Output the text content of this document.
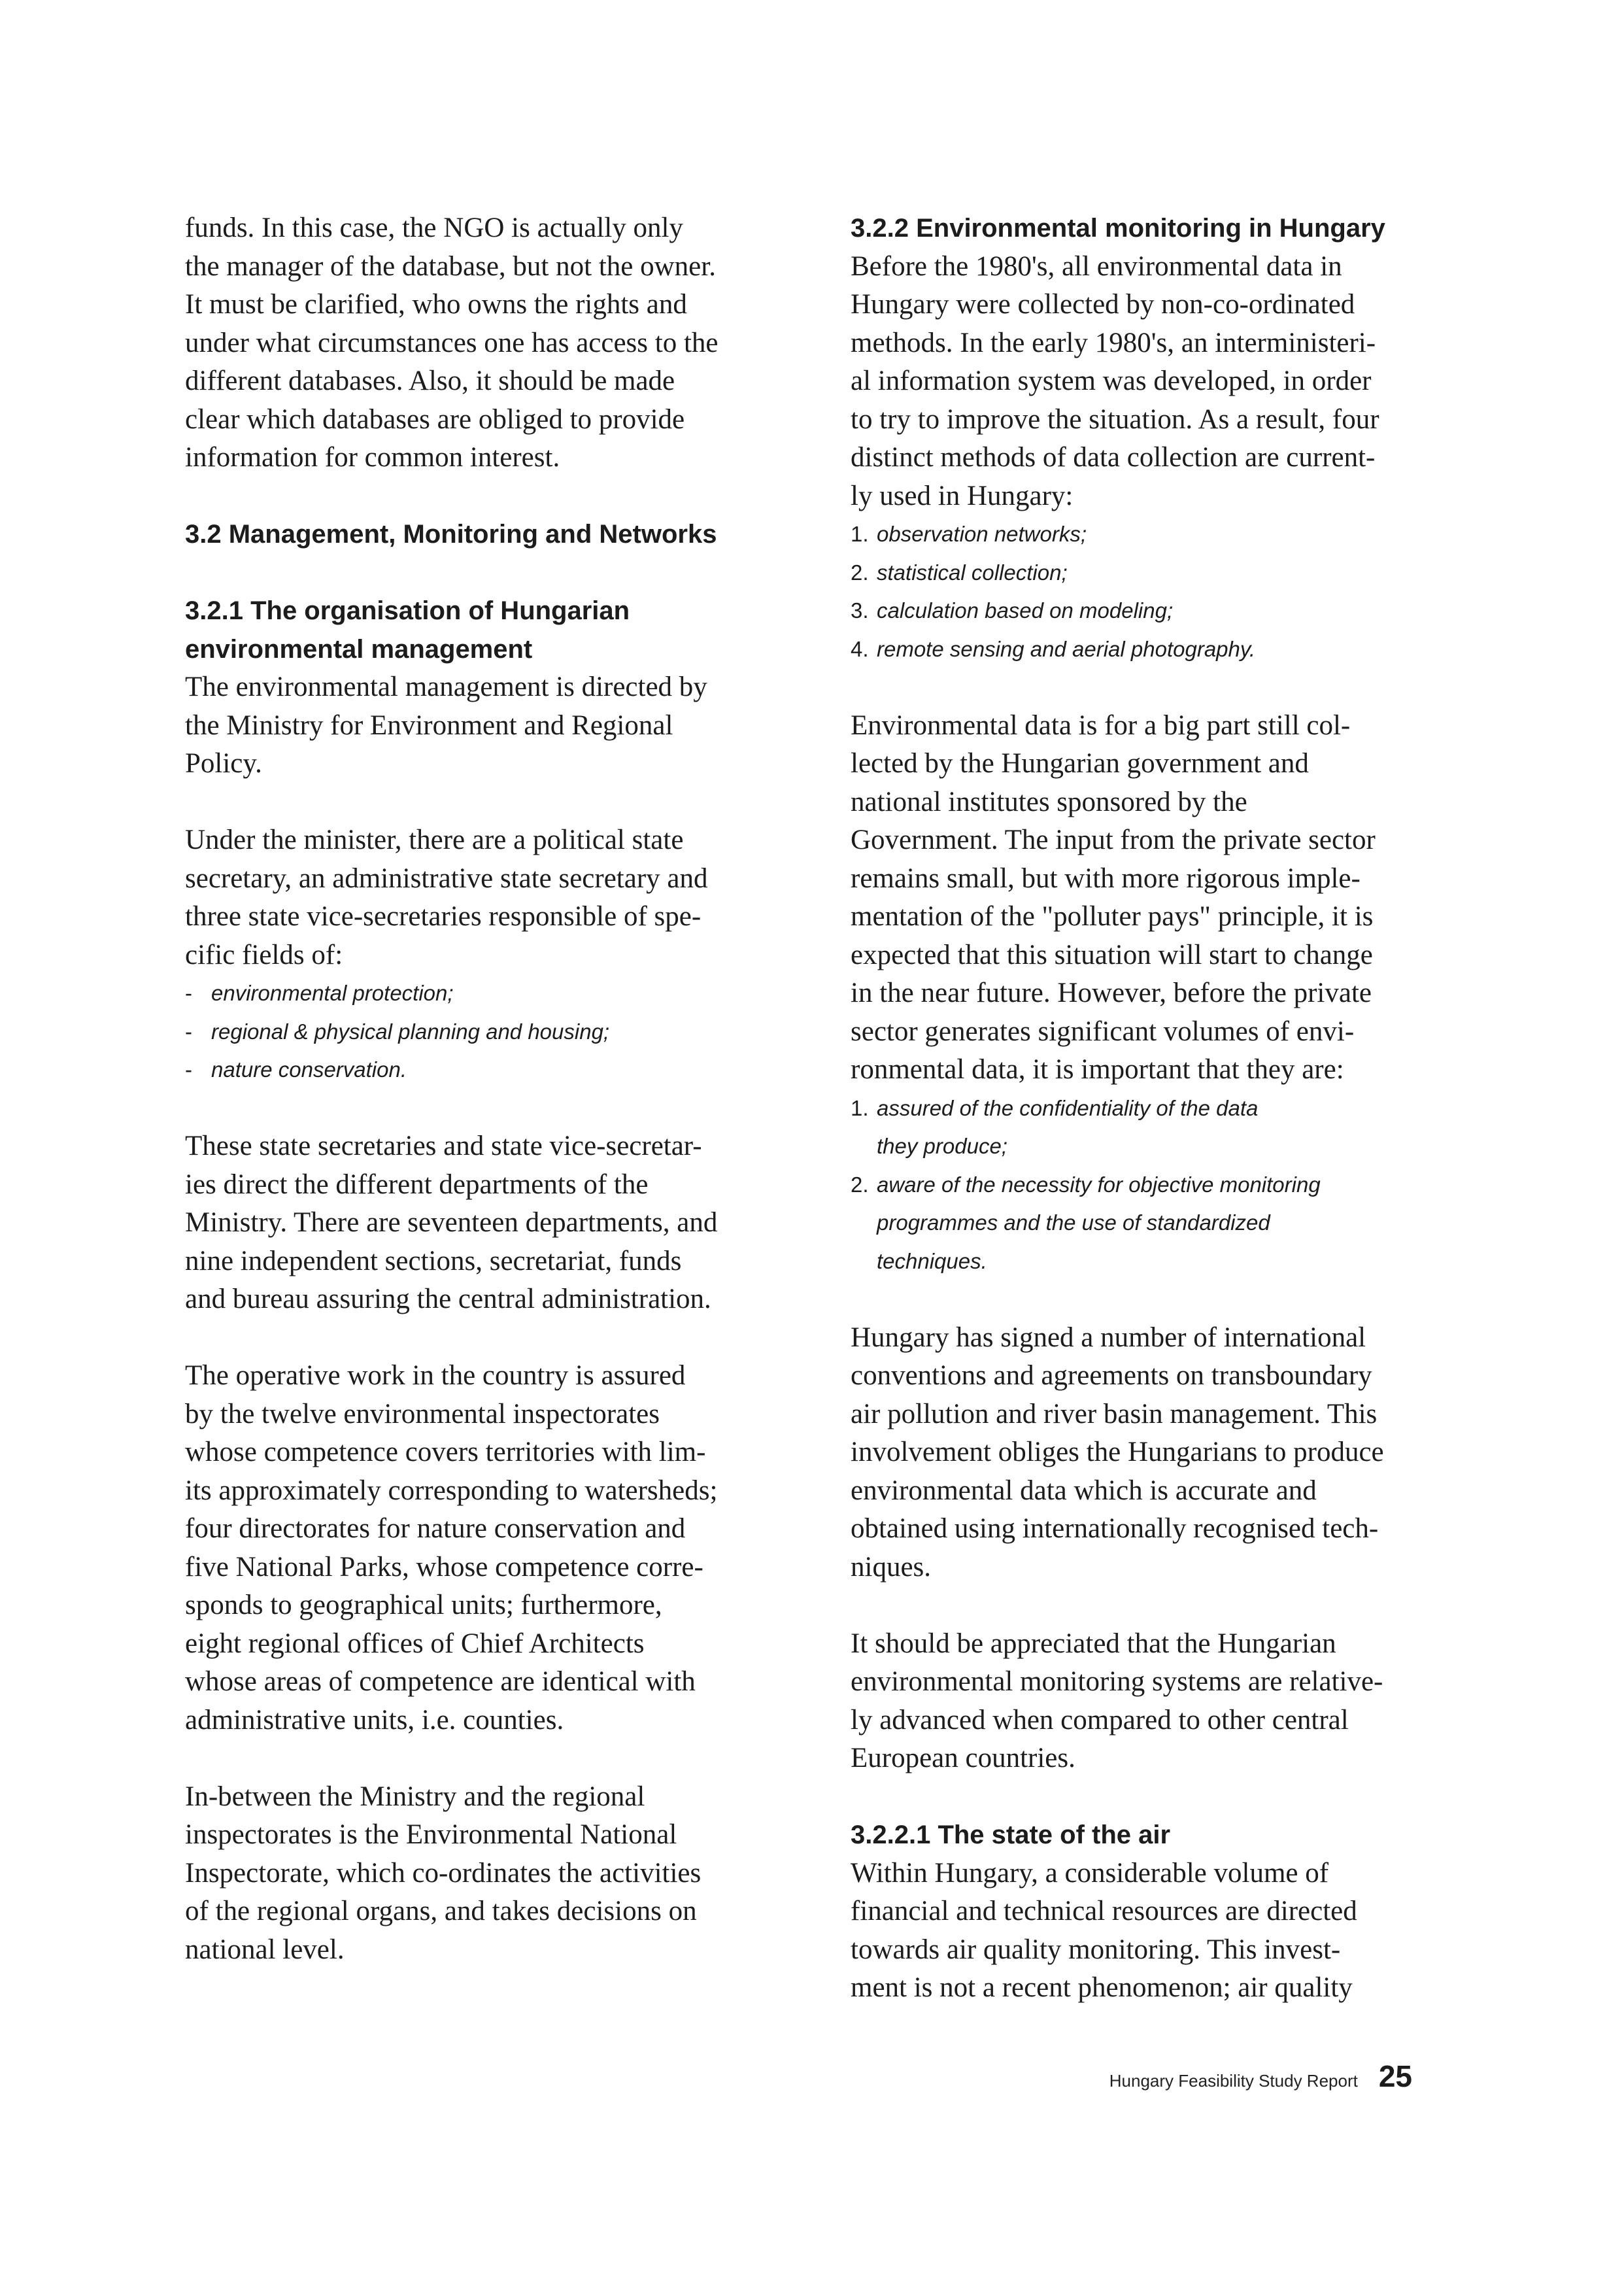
funds. In this case, the NGO is actually only
the manager of the database, but not the owner.
It must be clarified, who owns the rights and
under what circumstances one has access to the
different databases. Also, it should be made
clear which databases are obliged to provide
information for common interest.

3.2 Management, Monitoring and Networks
3.2.1 The organisation of Hungarian
environmental management

The environmental management is directed by
the Ministry for Environment and Regional
Policy.

Under the minister, there are a political state
secretary, an administrative state secretary and
three state vice-secretaries responsible of spe-
cific fields of:

- environmental protection;
- regional & physical planning and housing;
- nature conservation.

These state secretaries and state vice-secretar-
ies direct the different departments of the
Ministry. There are seventeen departments, and
nine independent sections, secretariat, funds
and bureau assuring the central administration.

The operative work in the country is assured
by the twelve environmental inspectorates
whose competence covers territories with lim-
its approximately corresponding to watersheds;
four directorates for nature conservation and
five National Parks, whose competence corre-
sponds to geographical units; furthermore,
eight regional offices of Chief Architects
whose areas of competence are identical with
administrative units, i.e. counties.

In-between the Ministry and the regional
inspectorates is the Environmental National
Inspectorate, which co-ordinates the activities
of the regional organs, and takes decisions on
national level.

3.2.2 Environmental monitoring in Hungary

Before the 1980's, all environmental data in
Hungary were collected by non-co-ordinated
methods. In the early 1980's, an interministeri-
al information system was developed, in order
to try to improve the situation. As a result, four
distinct methods of data collection are current-
ly used in Hungary:

1. observation networks;
2. statistical collection;
3. calculation based on modeling;
4. remote sensing and aerial photography.

Environmental data is for a big part still col-
lected by the Hungarian government and
national institutes sponsored by the
Government. The input from the private sector
remains small, but with more rigorous imple-
mentation of the "polluter pays" principle, it is
expected that this situation will start to change
in the near future. However, before the private
sector generates significant volumes of envi-
ronmental data, it is important that they are:

1. assured of the confidentiality of the data
they produce;
2. aware of the necessity for objective monitoring
programmes and the use of standardized
techniques.

Hungary has signed a number of international
conventions and agreements on transboundary
air pollution and river basin management. This
involvement obliges the Hungarians to produce
environmental data which is accurate and
obtained using internationally recognised tech-
niques.

It should be appreciated that the Hungarian
environmental monitoring systems are relative-
ly advanced when compared to other central
European countries.

3.2.2.1 The state of the air

Within Hungary, a considerable volume of
financial and technical resources are directed
towards air quality monitoring. This invest-
ment is not a recent phenomenon; air quality

Hungary Feasibility Study Report 25
